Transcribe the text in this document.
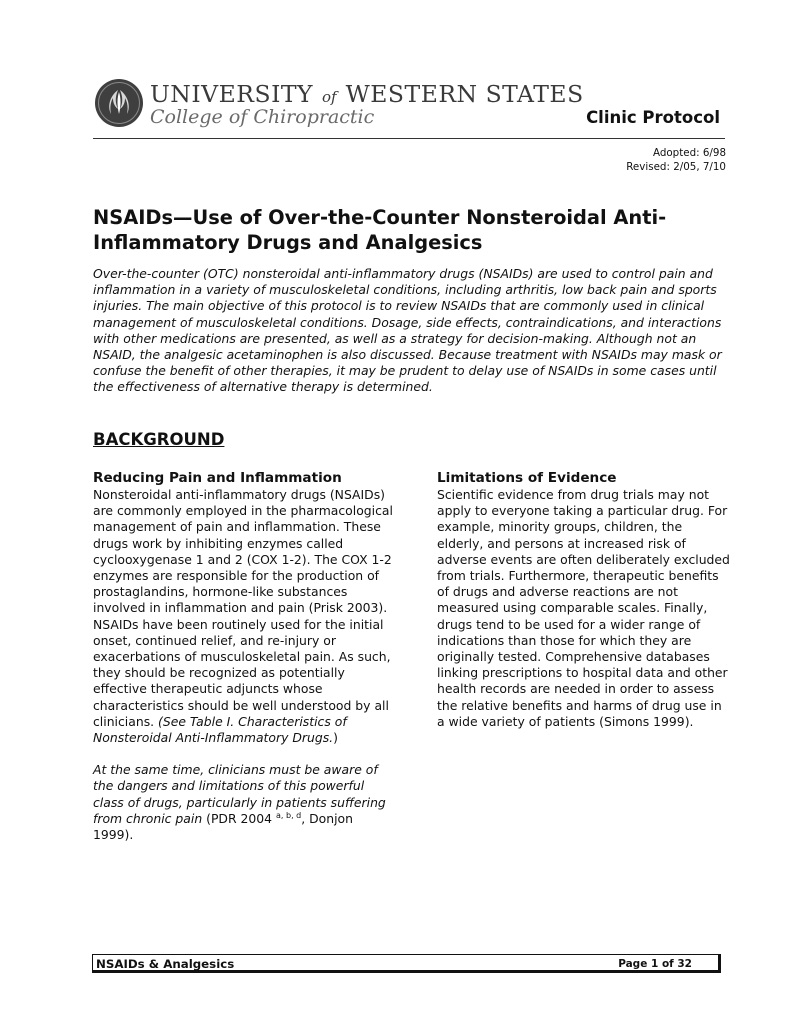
UNIVERSITY of WESTERN STATES
College of Chiropractic	Clinic Protocol
Adopted: 6/98
Revised: 2/05, 7/10
NSAIDs—Use of Over-the-Counter Nonsteroidal Anti-Inflammatory Drugs and Analgesics

Over-the-counter (OTC) nonsteroidal anti-inflammatory drugs (NSAIDs) are used to control pain and inflammation in a variety of musculoskeletal conditions, including arthritis, low back pain and sports injuries. The main objective of this protocol is to review NSAIDs that are commonly used in clinical management of musculoskeletal conditions. Dosage, side effects, contraindications, and interactions with other medications are presented, as well as a strategy for decision-making. Although not an NSAID, the analgesic acetaminophen is also discussed. Because treatment with NSAIDs may mask or confuse the benefit of other therapies, it may be prudent to delay use of NSAIDs in some cases until the effectiveness of alternative therapy is determined.

BACKGROUND
Reducing Pain and Inflammation

Nonsteroidal anti-inflammatory drugs (NSAIDs) are commonly employed in the pharmacological management of pain and inflammation. These drugs work by inhibiting enzymes called cyclooxygenase 1 and 2 (COX 1-2). The COX 1-2 enzymes are responsible for the production of prostaglandins, hormone-like substances involved in inflammation and pain (Prisk 2003). NSAIDs have been routinely used for the initial onset, continued relief, and re-injury or exacerbations of musculoskeletal pain. As such, they should be recognized as potentially effective therapeutic adjuncts whose characteristics should be well understood by all clinicians. (See Table I. Characteristics of Nonsteroidal Anti-Inflammatory Drugs.)

At the same time, clinicians must be aware of the dangers and limitations of this powerful class of drugs, particularly in patients suffering from chronic pain (PDR 2004 $^{a, b, d}$, Donjon 1999).

Limitations of Evidence

Scientific evidence from drug trials may not apply to everyone taking a particular drug. For example, minority groups, children, the elderly, and persons at increased risk of adverse events are often deliberately excluded from trials. Furthermore, therapeutic benefits of drugs and adverse reactions are not measured using comparable scales. Finally, drugs tend to be used for a wider range of indications than those for which they are originally tested. Comprehensive databases linking prescriptions to hospital data and other health records are needed in order to assess the relative benefits and harms of drug use in a wide variety of patients (Simons 1999).

NSAIDs & Analgesics	Page 1 of 32
